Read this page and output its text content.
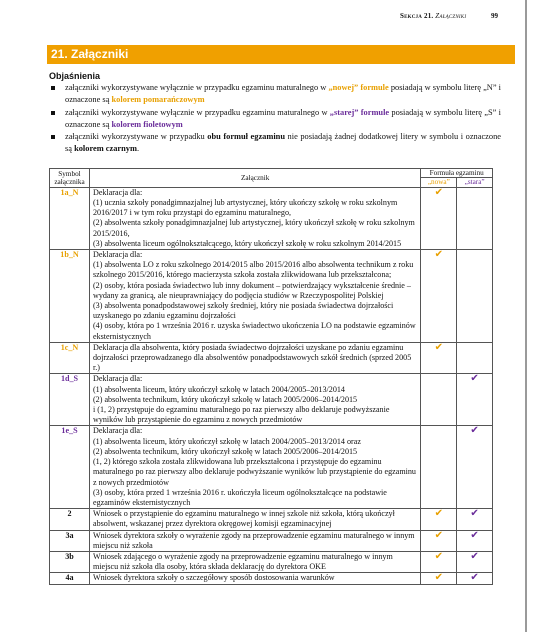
Sekcja 21. Załączniki	99
21. Załączniki
Objaśnienia
załączniki wykorzystywane wyłącznie w przypadku egzaminu maturalnego w „nowej” formule posiadają w symbolu literę „N” i oznaczone są kolorem pomarańczowym
załączniki wykorzystywane wyłącznie w przypadku egzaminu maturalnego w „starej” formule posiadają w symbolu literę „S” i oznaczone są kolorem fioletowym
załączniki wykorzystywane w przypadku obu formuł egzaminu nie posiadają żadnej dodatkowej litery w symbolu i oznaczone są kolorem czarnym.
Symbol załącznika	Załącznik	Formuła egzaminu	
		„nowa”	„stara”
1a_N	Deklaracja dla:
(1) ucznia szkoły ponadgimnazjalnej lub artystycznej, który ukończy szkołę w roku szkolnym 2016/2017 i w tym roku przystąpi do egzaminu maturalnego,
(2) absolwenta szkoły ponadgimnazjalnej lub artystycznej, który ukończył szkołę w roku szkolnym 2015/2016,
(3) absolwenta liceum ogólnokształcącego, który ukończył szkołę w roku szkolnym 2014/2015	✔	
1b_N	Deklaracja dla:
(1) absolwenta LO z roku szkolnego 2014/2015 albo 2015/2016 albo absolwenta technikum z roku szkolnego 2015/2016, którego macierzysta szkoła została zlikwidowana lub przekształcona;
(2) osoby, która posiada świadectwo lub inny dokument – potwierdzający wykształcenie średnie – wydany za granicą, ale nieuprawniający do podjęcia studiów w Rzeczypospolitej Polskiej
(3) absolwenta ponadpodstawowej szkoły średniej, który nie posiada świadectwa dojrzałości uzyskanego po zdaniu egzaminu dojrzałości
(4) osoby, która po 1 września 2016 r. uzyska świadectwo ukończenia LO na podstawie egzaminów eksternistycznych	✔	
1c_N	Deklaracja dla absolwenta, który posiada świadectwo dojrzałości uzyskane po zdaniu egzaminu dojrzałości przeprowadzanego dla absolwentów ponadpodstawowych szkół średnich (sprzed 2005 r.)	✔	
1d_S	Deklaracja dla:
(1) absolwenta liceum, który ukończył szkołę w latach 2004/2005–2013/2014
(2) absolwenta technikum, który ukończył szkołę w latach 2005/2006–2014/2015
i (1, 2) przystępuje do egzaminu maturalnego po raz pierwszy albo deklaruje podwyższanie wyników lub przystąpienie do egzaminu z nowych przedmiotów		✔
1e_S	Deklaracja dla:
(1) absolwenta liceum, który ukończył szkołę w latach 2004/2005–2013/2014 oraz
(2) absolwenta technikum, który ukończył szkołę w latach 2005/2006–2014/2015
(1, 2) którego szkoła została zlikwidowana lub przekształcona i przystępuje do egzaminu maturalnego po raz pierwszy albo deklaruje podwyższanie wyników lub przystąpienie do egzaminu z nowych przedmiotów
(3) osoby, która przed 1 września 2016 r. ukończyła liceum ogólnokształcące na podstawie egzaminów eksternistycznych		✔
2	Wniosek o przystąpienie do egzaminu maturalnego w innej szkole niż szkoła, którą ukończył absolwent, wskazanej przez dyrektora okręgowej komisji egzaminacyjnej	✔	✔
3a	Wniosek dyrektora szkoły o wyrażenie zgody na przeprowadzenie egzaminu maturalnego w innym miejscu niż szkoła	✔	✔
3b	Wniosek zdającego o wyrażenie zgody na przeprowadzenie egzaminu maturalnego w innym miejscu niż szkoła dla osoby, która składa deklarację do dyrektora OKE	✔	✔
4a	Wniosek dyrektora szkoły o szczegółowy sposób dostosowania warunków	✔	✔
